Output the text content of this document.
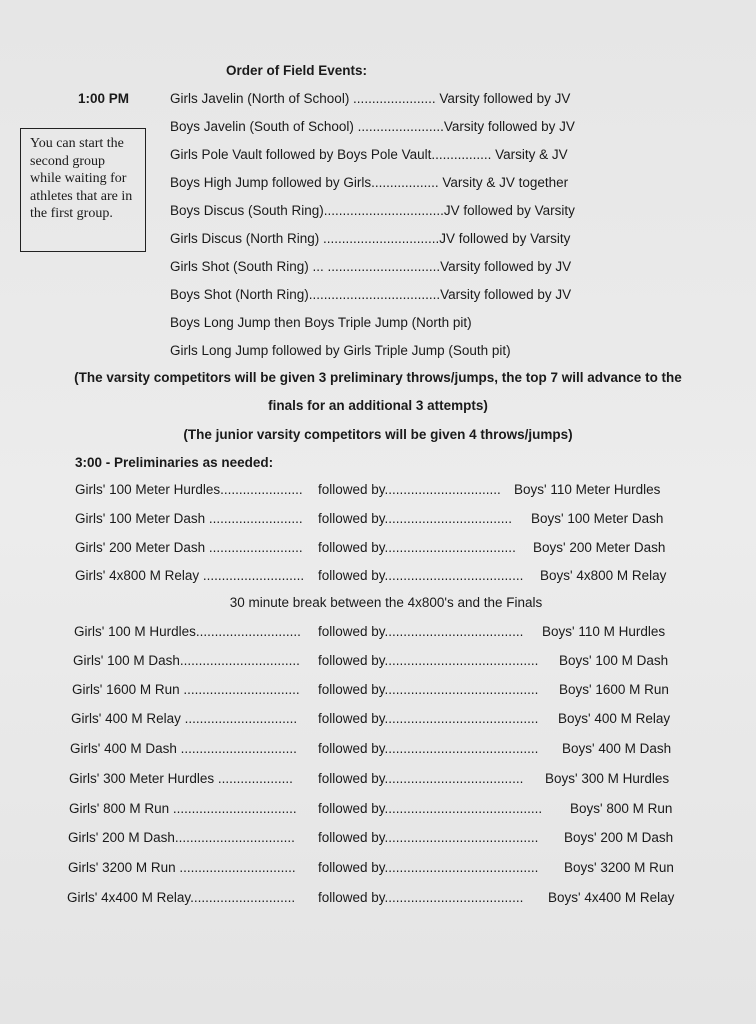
Order of Field Events:
1:00 PM
You can start the second group while waiting for athletes that are in the first group.
Girls Javelin (North of School) ...................... Varsity followed by JV
Boys Javelin (South of School) .......................Varsity followed by JV
Girls Pole Vault followed by Boys Pole Vault................ Varsity & JV
Boys High Jump followed by Girls.................. Varsity & JV together
Boys Discus (South Ring)................................JV followed by Varsity
Girls Discus (North Ring) ...............................JV followed by Varsity
Girls Shot (South Ring) ... ..............................Varsity followed by JV
Boys Shot (North Ring)...................................Varsity followed by JV
Boys Long Jump then Boys Triple Jump (North pit)
Girls Long Jump followed by Girls Triple Jump (South pit)
(The varsity competitors will be given 3 preliminary throws/jumps, the top 7 will advance to the
finals for an additional 3 attempts)
(The junior varsity competitors will be given 4 throws/jumps)
3:00 - Preliminaries as needed:
Girls' 100 Meter Hurdles...................... followed by............................... Boys' 110 Meter Hurdles
Girls' 100 Meter Dash ......................... followed by.................................. Boys' 100 Meter Dash
Girls' 200 Meter Dash ......................... followed by................................... Boys' 200 Meter Dash
Girls' 4x800 M Relay ........................... followed by..................................... Boys' 4x800 M Relay
30 minute break between the 4x800's and the Finals
Girls' 100 M Hurdles............................ followed by..................................... Boys' 110 M Hurdles
Girls' 100 M Dash................................ followed by......................................... Boys' 100 M Dash
Girls' 1600 M Run ............................... followed by......................................... Boys' 1600 M Run
Girls' 400 M Relay .............................. followed by......................................... Boys' 400 M Relay
Girls' 400 M Dash ............................... followed by......................................... Boys' 400 M Dash
Girls' 300 Meter Hurdles .................... followed by..................................... Boys' 300 M Hurdles
Girls' 800 M Run ................................. followed by.......................................... Boys' 800 M Run
Girls' 200 M Dash................................ followed by......................................... Boys' 200 M Dash
Girls' 3200 M Run ............................... followed by......................................... Boys' 3200 M Run
Girls' 4x400 M Relay............................ followed by..................................... Boys' 4x400 M Relay
